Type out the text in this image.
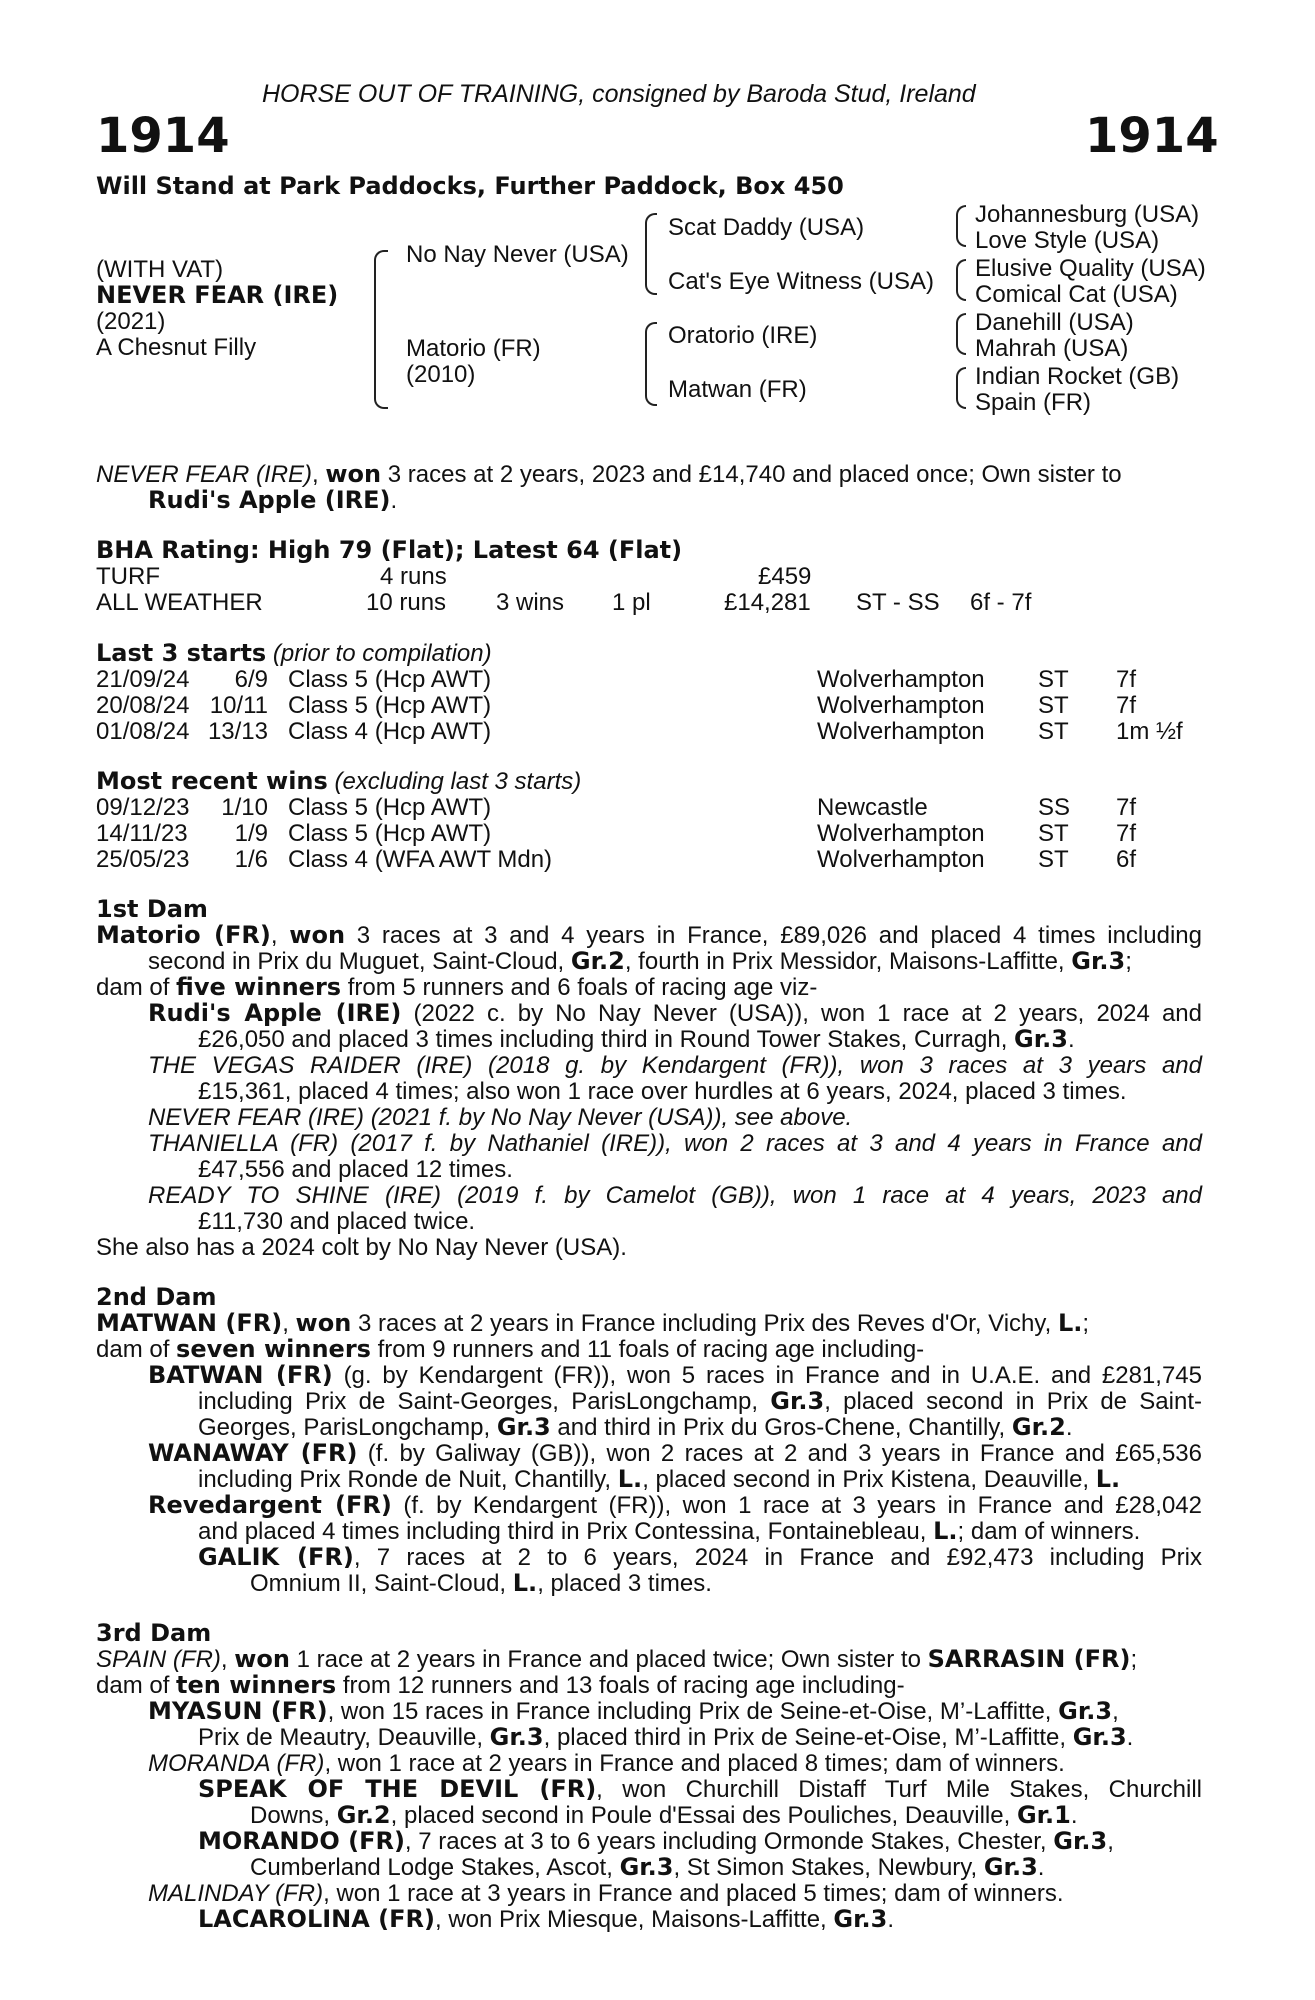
HORSE OUT OF TRAINING, consigned by Baroda Stud, Ireland
1914	1914
Will Stand at Park Paddocks, Further Paddock, Box 450
(WITH VAT)
NEVER FEAR (IRE)
(2021)
A Chesnut Filly
No Nay Never (USA)
Matorio (FR)
(2010)
Scat Daddy (USA)
Cat's Eye Witness (USA)
Oratorio (IRE)
Matwan (FR)
Johannesburg (USA)
Love Style (USA)
Elusive Quality (USA)
Comical Cat (USA)
Danehill (USA)
Mahrah (USA)
Indian Rocket (GB)
Spain (FR)
NEVER FEAR (IRE), won 3 races at 2 years, 2023 and £14,740 and placed once; Own sister to
Rudi's Apple (IRE).
BHA Rating: High 79 (Flat); Latest 64 (Flat)
TURF	4 runs	£459
ALL WEATHER	10 runs 3 wins 1 pl	£14,281 ST - SS 6f - 7f
Last 3 starts (prior to compilation)
21/09/24	6/9 Class 5 (Hcp AWT)	Wolverhampton ST 7f
20/08/24 10/11 Class 5 (Hcp AWT)	Wolverhampton ST 7f
01/08/24 13/13 Class 4 (Hcp AWT)	Wolverhampton ST 1m ½f
Most recent wins (excluding last 3 starts)
09/12/23	1/10 Class 5 (Hcp AWT)	Newcastle	SS 7f
14/11/23	1/9 Class 5 (Hcp AWT)	Wolverhampton ST 7f
25/05/23	1/6 Class 4 (WFA AWT Mdn)	Wolverhampton ST 6f
1st Dam
Matorio (FR), won 3 races at 3 and 4 years in France, £89,026 and placed 4 times including
second in Prix du Muguet, Saint-Cloud, Gr.2, fourth in Prix Messidor, Maisons-Laffitte, Gr.3;
dam of five winners from 5 runners and 6 foals of racing age viz-
Rudi's Apple (IRE) (2022 c. by No Nay Never (USA)), won 1 race at 2 years, 2024 and
£26,050 and placed 3 times including third in Round Tower Stakes, Curragh, Gr.3.
THE VEGAS RAIDER (IRE) (2018 g. by Kendargent (FR)), won 3 races at 3 years and
£15,361, placed 4 times; also won 1 race over hurdles at 6 years, 2024, placed 3 times.
NEVER FEAR (IRE) (2021 f. by No Nay Never (USA)), see above.
THANIELLA (FR) (2017 f. by Nathaniel (IRE)), won 2 races at 3 and 4 years in France and
£47,556 and placed 12 times.
READY TO SHINE (IRE) (2019 f. by Camelot (GB)), won 1 race at 4 years, 2023 and
£11,730 and placed twice.
She also has a 2024 colt by No Nay Never (USA).
2nd Dam
MATWAN (FR), won 3 races at 2 years in France including Prix des Reves d'Or, Vichy, L.;
dam of seven winners from 9 runners and 11 foals of racing age including-
BATWAN (FR) (g. by Kendargent (FR)), won 5 races in France and in U.A.E. and £281,745
including Prix de Saint-Georges, ParisLongchamp, Gr.3, placed second in Prix de Saint-
Georges, ParisLongchamp, Gr.3 and third in Prix du Gros-Chene, Chantilly, Gr.2.
WANAWAY (FR) (f. by Galiway (GB)), won 2 races at 2 and 3 years in France and £65,536
including Prix Ronde de Nuit, Chantilly, L., placed second in Prix Kistena, Deauville, L.
Revedargent (FR) (f. by Kendargent (FR)), won 1 race at 3 years in France and £28,042
and placed 4 times including third in Prix Contessina, Fontainebleau, L.; dam of winners.
GALIK (FR), 7 races at 2 to 6 years, 2024 in France and £92,473 including Prix
Omnium II, Saint-Cloud, L., placed 3 times.
3rd Dam
SPAIN (FR), won 1 race at 2 years in France and placed twice; Own sister to SARRASIN (FR);
dam of ten winners from 12 runners and 13 foals of racing age including-
MYASUN (FR), won 15 races in France including Prix de Seine-et-Oise, M’-Laffitte, Gr.3,
Prix de Meautry, Deauville, Gr.3, placed third in Prix de Seine-et-Oise, M’-Laffitte, Gr.3.
MORANDA (FR), won 1 race at 2 years in France and placed 8 times; dam of winners.
SPEAK OF THE DEVIL (FR), won Churchill Distaff Turf Mile Stakes, Churchill
Downs, Gr.2, placed second in Poule d'Essai des Pouliches, Deauville, Gr.1.
MORANDO (FR), 7 races at 3 to 6 years including Ormonde Stakes, Chester, Gr.3,
Cumberland Lodge Stakes, Ascot, Gr.3, St Simon Stakes, Newbury, Gr.3.
MALINDAY (FR), won 1 race at 3 years in France and placed 5 times; dam of winners.
LACAROLINA (FR), won Prix Miesque, Maisons-Laffitte, Gr.3.
